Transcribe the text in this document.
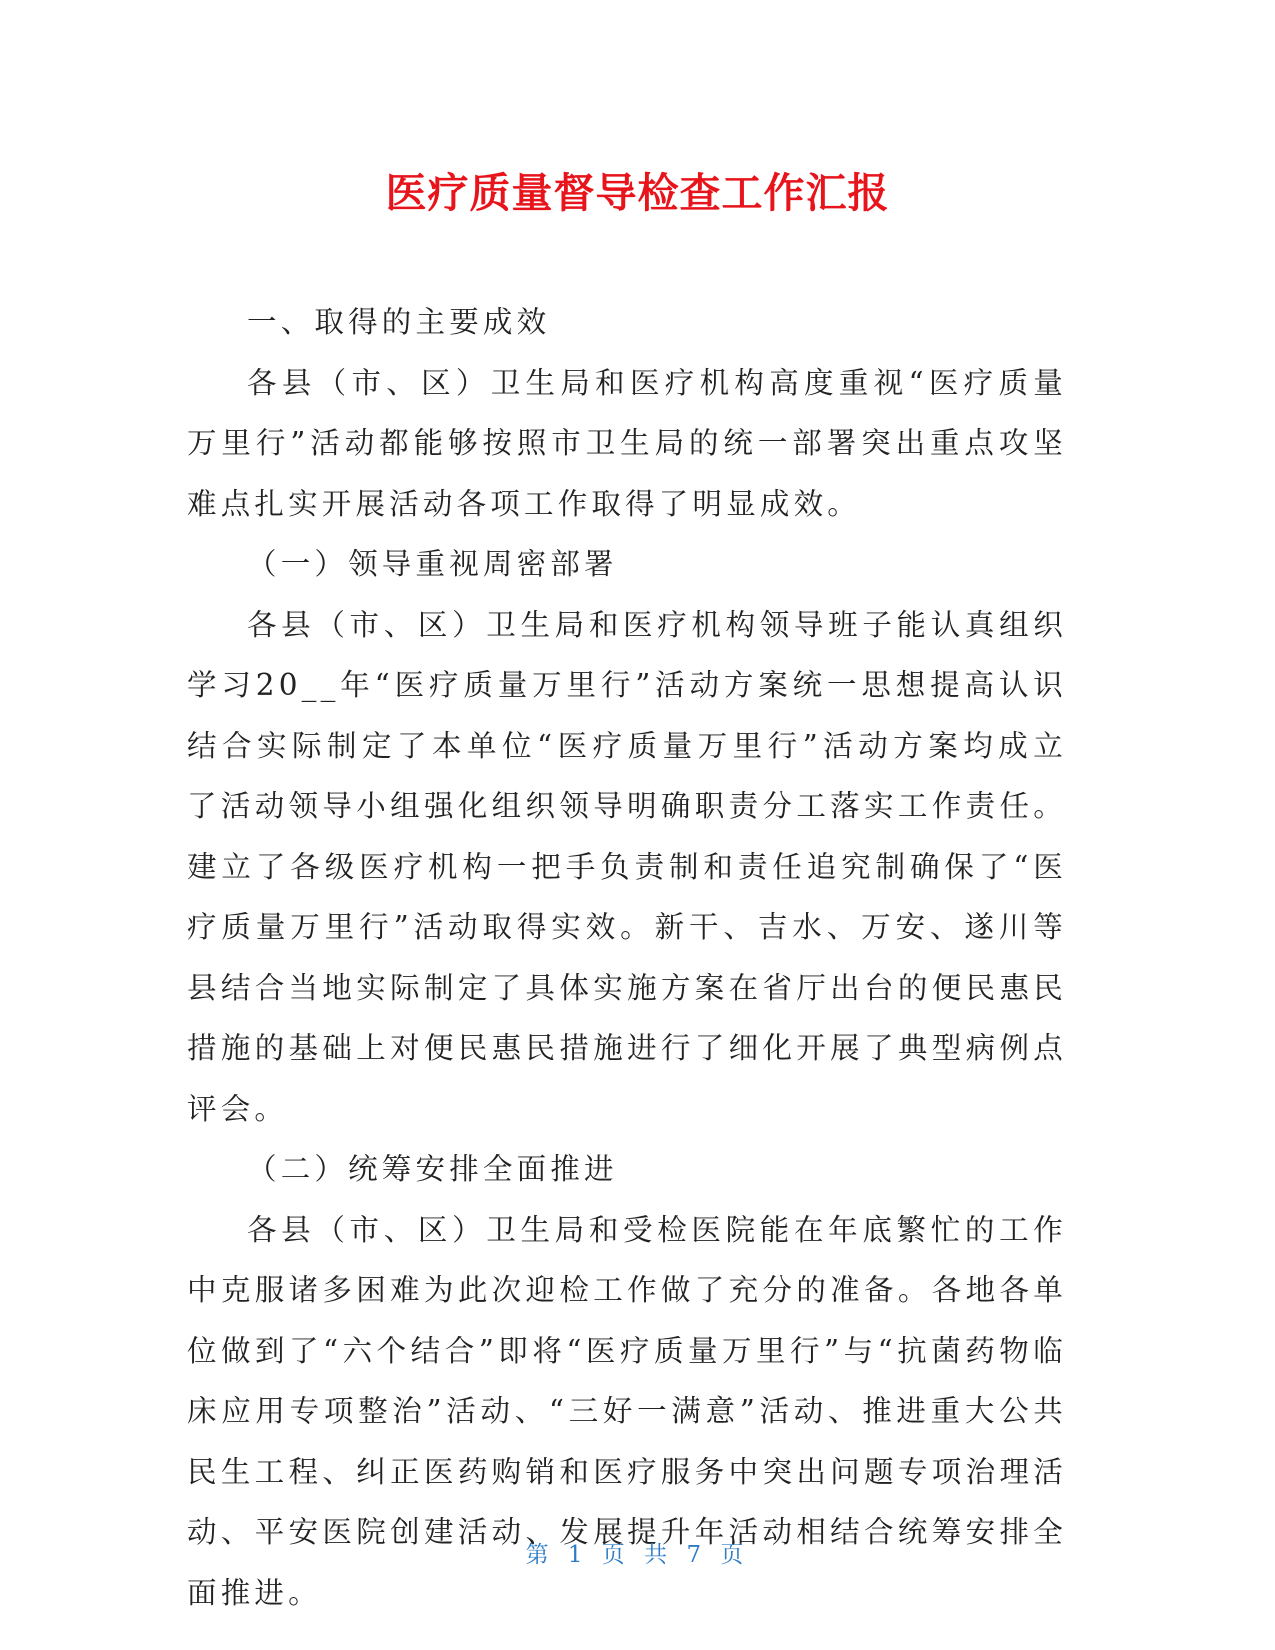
医疗质量督导检查工作汇报

一、取得的主要成效

各县（市、区）卫生局和医疗机构高度重视“医疗质量万里行”活动都能够按照市卫生局的统一部署突出重点攻坚难点扎实开展活动各项工作取得了明显成效。

（一）领导重视周密部署

各县（市、区）卫生局和医疗机构领导班子能认真组织学习20__年“医疗质量万里行”活动方案统一思想提高认识结合实际制定了本单位“医疗质量万里行”活动方案均成立了活动领导小组强化组织领导明确职责分工落实工作责任。建立了各级医疗机构一把手负责制和责任追究制确保了“医疗质量万里行”活动取得实效。新干、吉水、万安、遂川等县结合当地实际制定了具体实施方案在省厅出台的便民惠民措施的基础上对便民惠民措施进行了细化开展了典型病例点评会。

（二）统筹安排全面推进

各县（市、区）卫生局和受检医院能在年底繁忙的工作中克服诸多困难为此次迎检工作做了充分的准备。各地各单位做到了“六个结合”即将“医疗质量万里行”与“抗菌药物临床应用专项整治”活动、“三好一满意”活动、推进重大公共民生工程、纠正医药购销和医疗服务中突出问题专项治理活动、平安医院创建活动、发展提升年活动相结合统筹安排全面推进。

第 1 页 共 7 页
